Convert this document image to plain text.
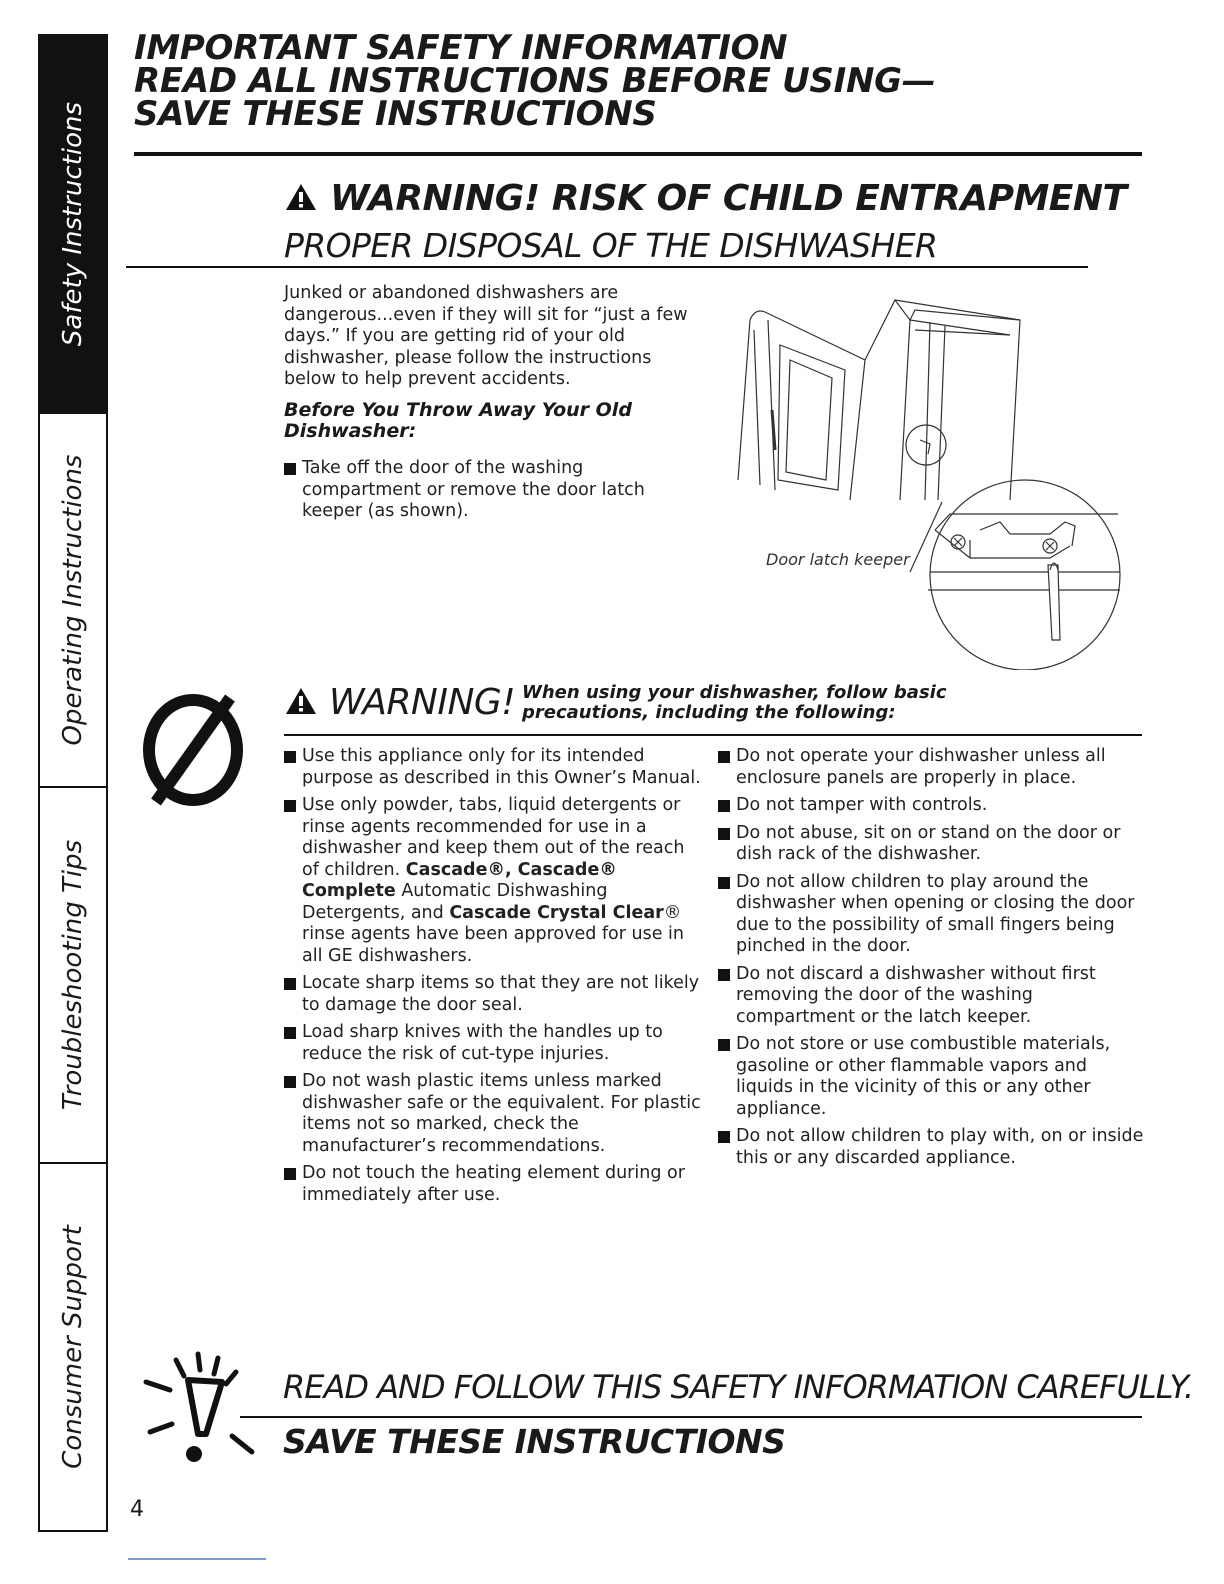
Safety Instructions
Operating Instructions
Troubleshooting Tips
Consumer Support
IMPORTANT SAFETY INFORMATION
READ ALL INSTRUCTIONS BEFORE USING—
SAVE THESE INSTRUCTIONS
WARNING! RISK OF CHILD ENTRAPMENT
PROPER DISPOSAL OF THE DISHWASHER
Junked or abandoned dishwashers are dangerous...even if they will sit for “just a few days.” If you are getting rid of your old dishwasher, please follow the instructions below to help prevent accidents.
Before You Throw Away Your Old Dishwasher:
Take off the door of the washing compartment or remove the door latch keeper (as shown).
Door latch keeper
WARNING! When using your dishwasher, follow basic precautions, including the following:
Use this appliance only for its intended purpose as described in this Owner’s Manual.
Use only powder, tabs, liquid detergents or rinse agents recommended for use in a dishwasher and keep them out of the reach of children. Cascade®, Cascade® Complete Automatic Dishwashing Detergents, and Cascade Crystal Clear® rinse agents have been approved for use in all GE dishwashers.
Locate sharp items so that they are not likely to damage the door seal.
Load sharp knives with the handles up to reduce the risk of cut-type injuries.
Do not wash plastic items unless marked dishwasher safe or the equivalent. For plastic items not so marked, check the manufacturer’s recommendations.
Do not touch the heating element during or immediately after use.
Do not operate your dishwasher unless all enclosure panels are properly in place.
Do not tamper with controls.
Do not abuse, sit on or stand on the door or dish rack of the dishwasher.
Do not allow children to play around the dishwasher when opening or closing the door due to the possibility of small fingers being pinched in the door.
Do not discard a dishwasher without first removing the door of the washing compartment or the latch keeper.
Do not store or use combustible materials, gasoline or other flammable vapors and liquids in the vicinity of this or any other appliance.
Do not allow children to play with, on or inside this or any discarded appliance.
READ AND FOLLOW THIS SAFETY INFORMATION CAREFULLY.
SAVE THESE INSTRUCTIONS
4
